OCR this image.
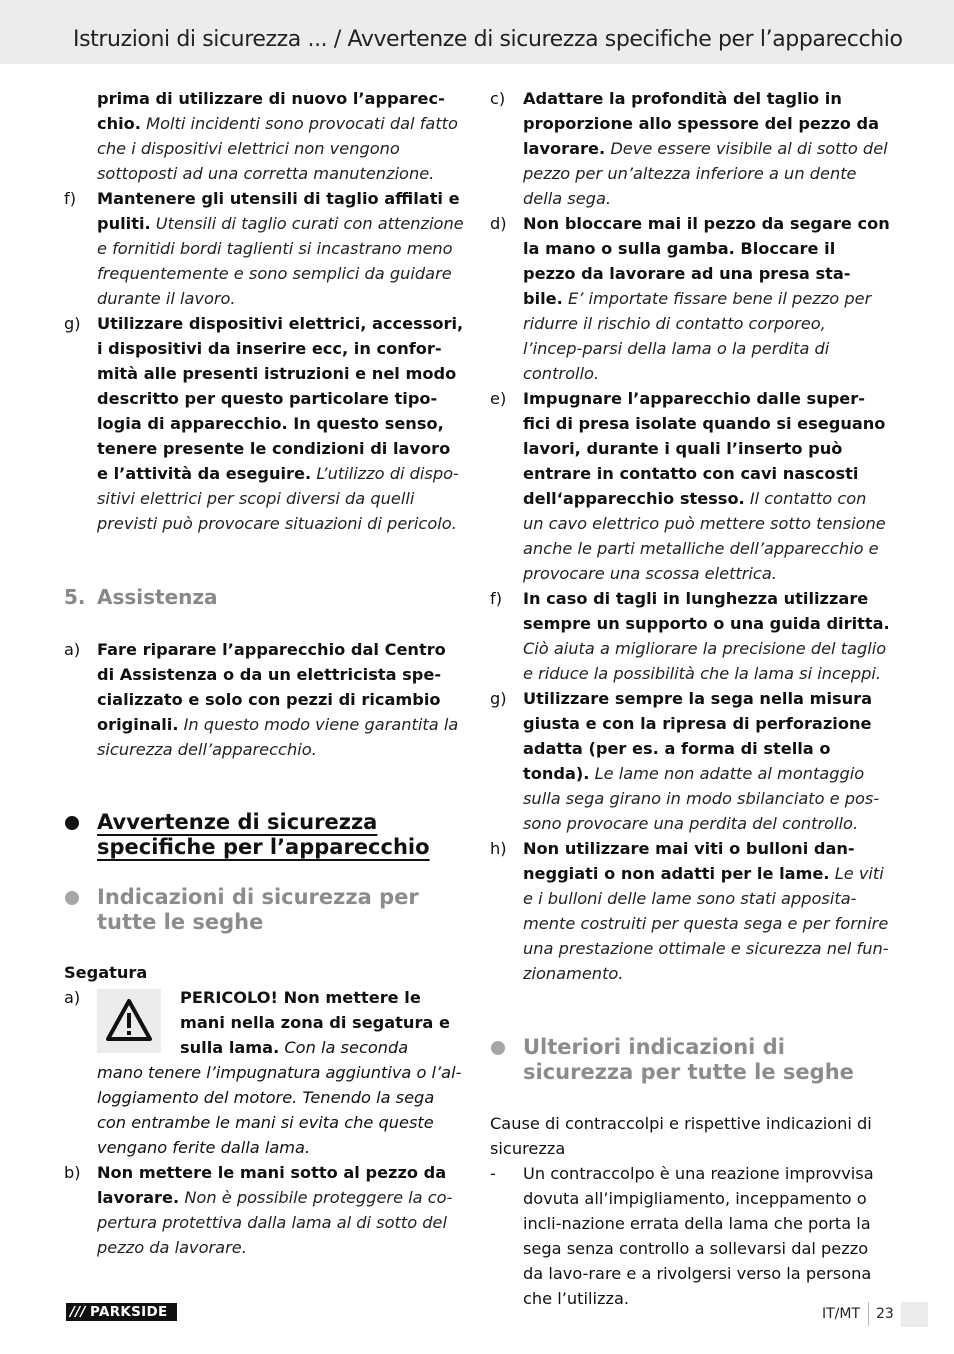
Istruzioni di sicurezza ... / Avvertenze di sicurezza specifiche per l’apparecchio
prima di utilizzare di nuovo l’apparec-chio. Molti incidenti sono provocati dal fatto che i dispositivi elettrici non vengono sottoposti ad una corretta manutenzione.
f) Mantenere gli utensili di taglio affilati e puliti. Utensili di taglio curati con attenzione e fornitidi bordi taglienti si incastrano meno frequentemente e sono semplici da guidare durante il lavoro.
g) Utilizzare dispositivi elettrici, accessori, i dispositivi da inserire ecc, in confor-mità alle presenti istruzioni e nel modo descritto per questo particolare tipo-logia di apparecchio. In questo senso, tenere presente le condizioni di lavoro e l’attività da eseguire. L’utilizzo di dispo-sitivi elettrici per scopi diversi da quelli previsti può provocare situazioni di pericolo.
5. Assistenza
a) Fare riparare l’apparecchio dal Centro di Assistenza o da un elettricista spe-cializzato e solo con pezzi di ricambio originali. In questo modo viene garantita la sicurezza dell’apparecchio.
Avvertenze di sicurezza specifiche per l’apparecchio
Indicazioni di sicurezza per tutte le seghe
Segatura
a)	PERICOLO! Non mettere le mani nella zona di segatura e sulla lama. Con la seconda
mano tenere l’impugnatura aggiuntiva o l’al-loggiamento del motore. Tenendo la sega con entrambe le mani si evita che queste vengano ferite dalla lama.
b) Non mettere le mani sotto al pezzo da lavorare. Non è possibile proteggere la co-pertura protettiva dalla lama al di sotto del pezzo da lavorare.
c) Adattare la profondità del taglio in proporzione allo spessore del pezzo da lavorare. Deve essere visibile al di sotto del pezzo per un’altezza inferiore a un dente della sega.
d) Non bloccare mai il pezzo da segare con la mano o sulla gamba. Bloccare il pezzo da lavorare ad una presa sta-bile. E’ importate fissare bene il pezzo per ridurre il rischio di contatto corporeo, l’incep-parsi della lama o la perdita di controllo.
e) Impugnare l’apparecchio dalle super-fici di presa isolate quando si eseguano lavori, durante i quali l’inserto può entrare in contatto con cavi nascosti dell‘apparecchio stesso. Il contatto con un cavo elettrico può mettere sotto tensione anche le parti metalliche dell’apparecchio e provocare una scossa elettrica.
f) In caso di tagli in lunghezza utilizzare sempre un supporto o una guida diritta. Ciò aiuta a migliorare la precisione del taglio e riduce la possibilità che la lama si inceppi.
g) Utilizzare sempre la sega nella misura giusta e con la ripresa di perforazione adatta (per es. a forma di stella o tonda). Le lame non adatte al montaggio sulla sega girano in modo sbilanciato e pos-sono provocare una perdita del controllo.
h) Non utilizzare mai viti o bulloni dan-neggiati o non adatti per le lame. Le viti e i bulloni delle lame sono stati apposita-mente costruiti per questa sega e per fornire una prestazione ottimale e sicurezza nel fun-zionamento.
Ulteriori indicazioni di sicurezza per tutte le seghe
Cause di contraccolpi e rispettive indicazioni di sicurezza
- Un contraccolpo è una reazione improvvisa dovuta all’impigliamento, inceppamento o incli-nazione errata della lama che porta la sega senza controllo a sollevarsi dal pezzo da lavo-rare e a rivolgersi verso la persona che l’utilizza.
/// PARKSIDE	IT/MT 23
